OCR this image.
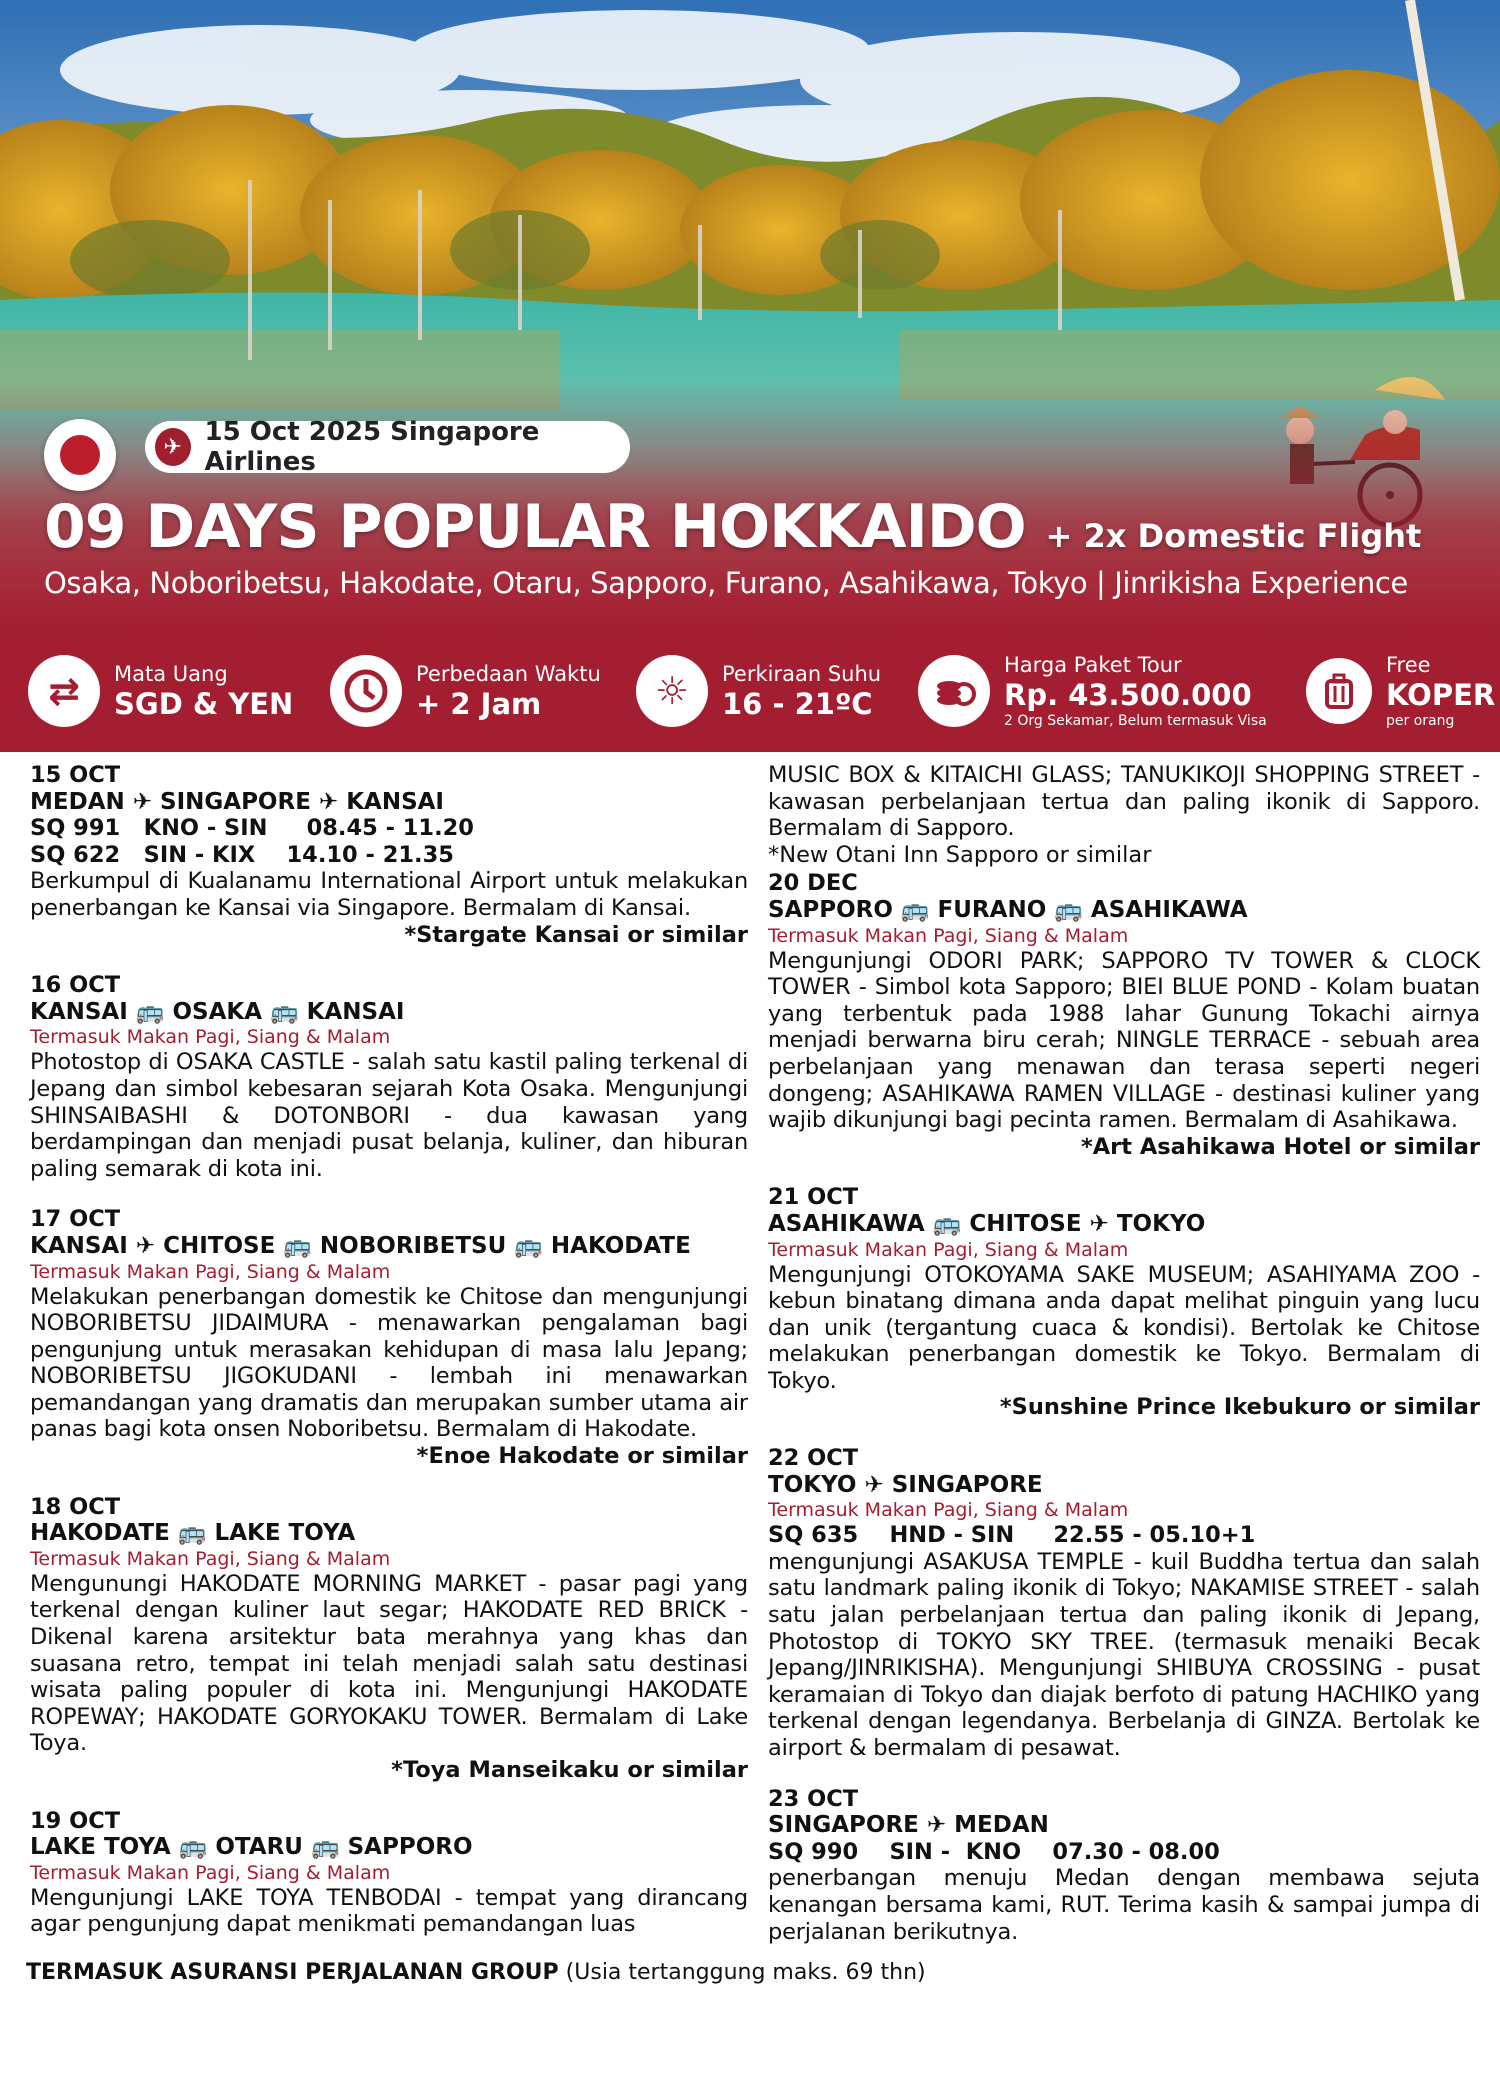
✈ 15 Oct 2025 Singapore Airlines
09 DAYS POPULAR HOKKAIDO + 2x Domestic Flight
Osaka, Noboribetsu, Hakodate, Otaru, Sapporo, Furano, Asahikawa, Tokyo | Jinrikisha Experience
⇄	Mata Uang
SGD & YEN
Perbedaan Waktu
+ 2 Jam	☼	Perkiraan Suhu
16 - 21ºC
Harga Paket Tour
Rp. 43.500.000
2 Org Sekamar, Belum termasuk Visa
Free
KOPER
per orang
15 OCT
MEDAN ✈ SINGAPORE ✈ KANSAI
SQ 991   KNO - SIN     08.45 - 11.20
SQ 622   SIN - KIX    14.10 - 21.35
Berkumpul di Kualanamu International Airport untuk melakukan penerbangan ke Kansai via Singapore. Bermalam di Kansai.
*Stargate Kansai or similar
16 OCT
KANSAI 🚌 OSAKA 🚌 KANSAI
Termasuk Makan Pagi, Siang & Malam
Photostop di OSAKA CASTLE - salah satu kastil paling terkenal di Jepang dan simbol kebesaran sejarah Kota Osaka. Mengunjungi SHINSAIBASHI & DOTONBORI - dua kawasan yang berdampingan dan menjadi pusat belanja, kuliner, dan hiburan paling semarak di kota ini.
17 OCT
KANSAI ✈ CHITOSE 🚌 NOBORIBETSU 🚌 HAKODATE
Termasuk Makan Pagi, Siang & Malam
Melakukan penerbangan domestik ke Chitose dan mengunjungi NOBORIBETSU JIDAIMURA - menawarkan pengalaman bagi pengunjung untuk merasakan kehidupan di masa lalu Jepang; NOBORIBETSU JIGOKUDANI - lembah ini menawarkan pemandangan yang dramatis dan merupakan sumber utama air panas bagi kota onsen Noboribetsu. Bermalam di Hakodate.
*Enoe Hakodate or similar
18 OCT
HAKODATE 🚌 LAKE TOYA
Termasuk Makan Pagi, Siang & Malam
Mengunungi HAKODATE MORNING MARKET - pasar pagi yang terkenal dengan kuliner laut segar; HAKODATE RED BRICK - Dikenal karena arsitektur bata merahnya yang khas dan suasana retro, tempat ini telah menjadi salah satu destinasi wisata paling populer di kota ini. Mengunjungi HAKODATE ROPEWAY; HAKODATE GORYOKAKU TOWER. Bermalam di Lake Toya.
*Toya Manseikaku or similar
19 OCT
LAKE TOYA 🚌 OTARU 🚌 SAPPORO
Termasuk Makan Pagi, Siang & Malam
Mengunjungi LAKE TOYA TENBODAI - tempat yang dirancang agar pengunjung dapat menikmati pemandangan luas
MUSIC BOX & KITAICHI GLASS; TANUKIKOJI SHOPPING STREET - kawasan perbelanjaan tertua dan paling ikonik di Sapporo. Bermalam di Sapporo.
*New Otani Inn Sapporo or similar
20 DEC
SAPPORO 🚌 FURANO 🚌 ASAHIKAWA
Termasuk Makan Pagi, Siang & Malam
Mengunjungi ODORI PARK; SAPPORO TV TOWER & CLOCK TOWER - Simbol kota Sapporo; BIEI BLUE POND - Kolam buatan yang terbentuk pada 1988 lahar Gunung Tokachi airnya menjadi berwarna biru cerah; NINGLE TERRACE - sebuah area perbelanjaan yang menawan dan terasa seperti negeri dongeng; ASAHIKAWA RAMEN VILLAGE - destinasi kuliner yang wajib dikunjungi bagi pecinta ramen. Bermalam di Asahikawa.
*Art Asahikawa Hotel or similar
21 OCT
ASAHIKAWA 🚌 CHITOSE ✈ TOKYO
Termasuk Makan Pagi, Siang & Malam
Mengunjungi OTOKOYAMA SAKE MUSEUM; ASAHIYAMA ZOO - kebun binatang dimana anda dapat melihat pinguin yang lucu dan unik (tergantung cuaca & kondisi). Bertolak ke Chitose melakukan penerbangan domestik ke Tokyo. Bermalam di Tokyo.
*Sunshine Prince Ikebukuro or similar
22 OCT
TOKYO ✈ SINGAPORE
Termasuk Makan Pagi, Siang & Malam
SQ 635    HND - SIN     22.55 - 05.10+1
mengunjungi ASAKUSA TEMPLE - kuil Buddha tertua dan salah satu landmark paling ikonik di Tokyo; NAKAMISE STREET - salah satu jalan perbelanjaan tertua dan paling ikonik di Jepang, Photostop di TOKYO SKY TREE. (termasuk menaiki Becak Jepang/JINRIKISHA). Mengunjungi SHIBUYA CROSSING - pusat keramaian di Tokyo dan diajak berfoto di patung HACHIKO yang terkenal dengan legendanya. Berbelanja di GINZA. Bertolak ke airport & bermalam di pesawat.
23 OCT
SINGAPORE ✈ MEDAN
SQ 990    SIN -  KNO    07.30 - 08.00
penerbangan menuju Medan dengan membawa sejuta kenangan bersama kami, RUT. Terima kasih & sampai jumpa di perjalanan berikutnya.
TERMASUK ASURANSI PERJALANAN GROUP (Usia tertanggung maks. 69 thn)
